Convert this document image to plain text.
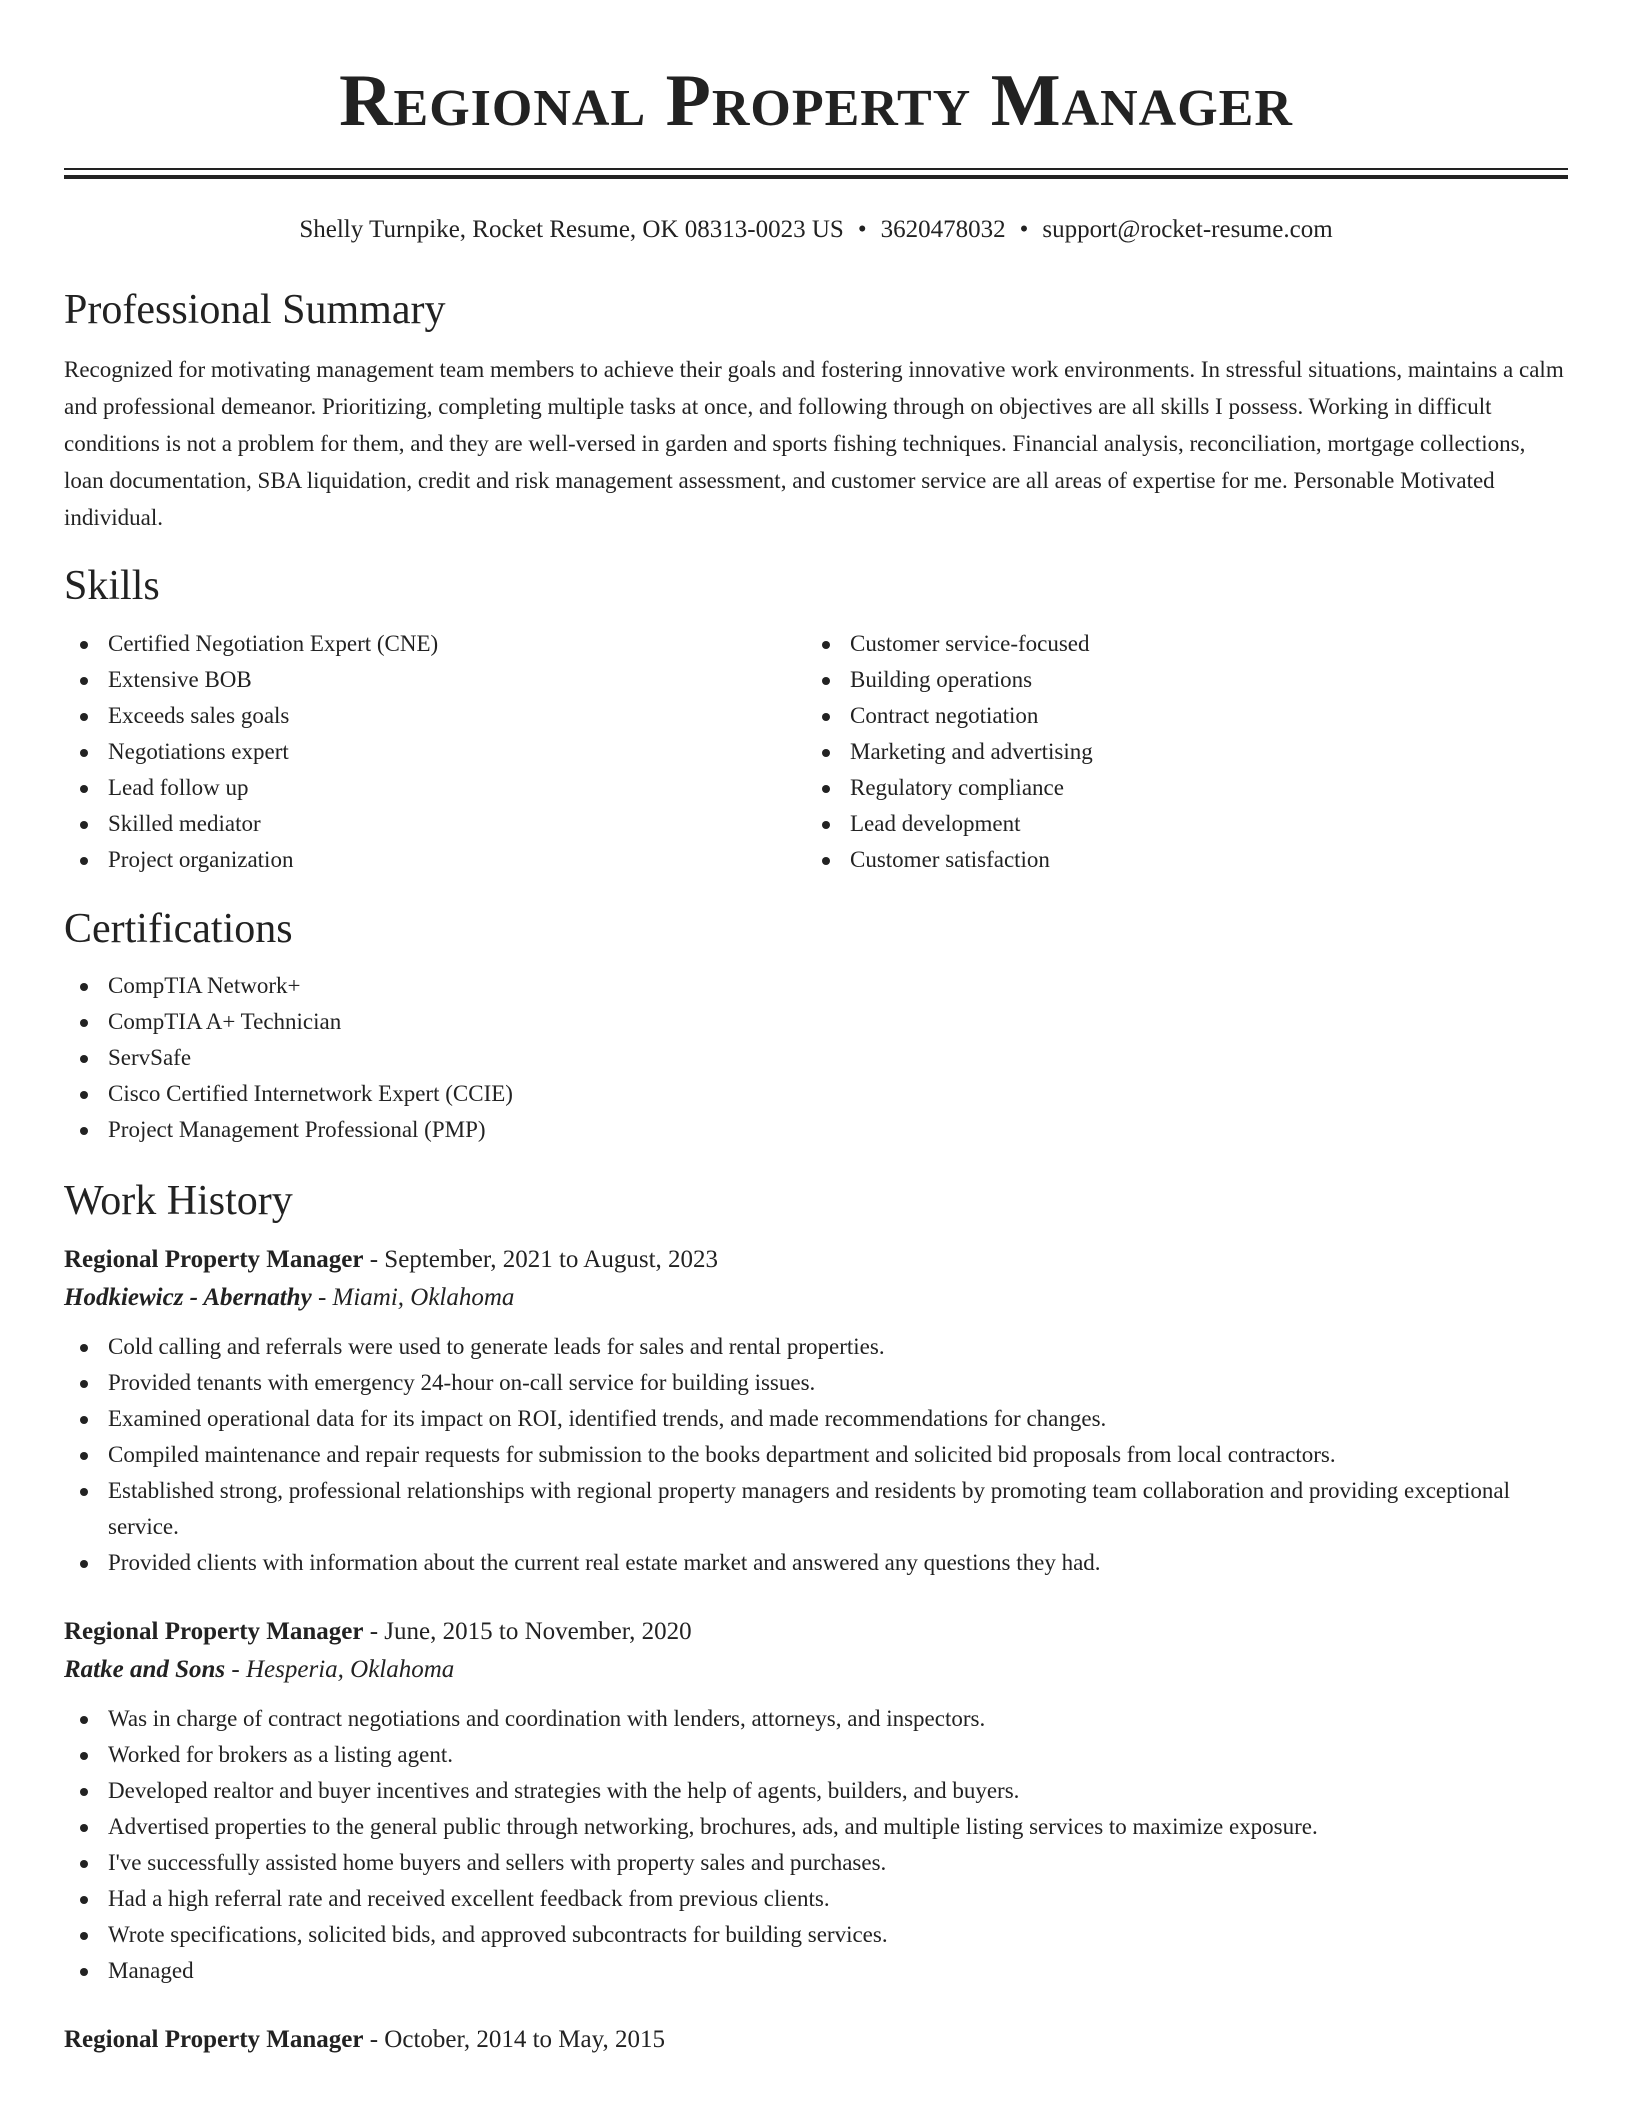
Regional Property Manager
Shelly Turnpike, Rocket Resume, OK 08313-0023 US • 3620478032 • support@rocket-resume.com
Professional Summary

Recognized for motivating management team members to achieve their goals and fostering innovative work environments. In stressful situations, maintains a calm and professional demeanor. Prioritizing, completing multiple tasks at once, and following through on objectives are all skills I possess. Working in difficult conditions is not a problem for them, and they are well-versed in garden and sports fishing techniques. Financial analysis, reconciliation, mortgage collections, loan documentation, SBA liquidation, credit and risk management assessment, and customer service are all areas of expertise for me. Personable Motivated individual.

Skills
Certified Negotiation Expert (CNE)
Extensive BOB
Exceeds sales goals
Negotiations expert
Lead follow up
Skilled mediator
Project organization
Customer service-focused
Building operations
Contract negotiation
Marketing and advertising
Regulatory compliance
Lead development
Customer satisfaction
Certifications
CompTIA Network+
CompTIA A+ Technician
ServSafe
Cisco Certified Internetwork Expert (CCIE)
Project Management Professional (PMP)
Work History
Regional Property Manager - September, 2021 to August, 2023
Hodkiewicz - Abernathy - Miami, Oklahoma
Cold calling and referrals were used to generate leads for sales and rental properties.
Provided tenants with emergency 24-hour on-call service for building issues.
Examined operational data for its impact on ROI, identified trends, and made recommendations for changes.
Compiled maintenance and repair requests for submission to the books department and solicited bid proposals from local contractors.
Established strong, professional relationships with regional property managers and residents by promoting team collaboration and providing exceptional service.
Provided clients with information about the current real estate market and answered any questions they had.
Regional Property Manager - June, 2015 to November, 2020
Ratke and Sons - Hesperia, Oklahoma
Was in charge of contract negotiations and coordination with lenders, attorneys, and inspectors.
Worked for brokers as a listing agent.
Developed realtor and buyer incentives and strategies with the help of agents, builders, and buyers.
Advertised properties to the general public through networking, brochures, ads, and multiple listing services to maximize exposure.
I've successfully assisted home buyers and sellers with property sales and purchases.
Had a high referral rate and received excellent feedback from previous clients.
Wrote specifications, solicited bids, and approved subcontracts for building services.
Managed
Regional Property Manager - October, 2014 to May, 2015
